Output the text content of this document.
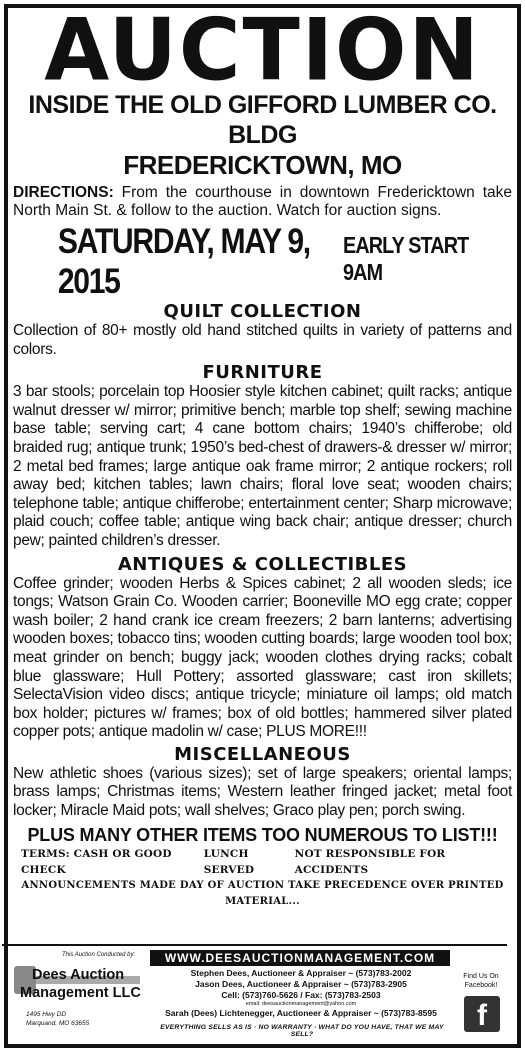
AUCTION
INSIDE THE OLD GIFFORD LUMBER CO. BLDG
FREDERICKTOWN, MO
DIRECTIONS: From the courthouse in downtown Fredericktown take North Main St. & follow to the auction. Watch for auction signs.
SATURDAY, MAY 9, 2015
EARLY START 9AM
QUILT COLLECTION
Collection of 80+ mostly old hand stitched quilts in variety of patterns and colors.
FURNITURE
3 bar stools; porcelain top Hoosier style kitchen cabinet; quilt racks; antique walnut dresser w/ mirror; primitive bench; marble top shelf; sewing machine base table; serving cart; 4 cane bottom chairs; 1940’s chifferobe; old braided rug; antique trunk; 1950’s bed-chest of drawers-& dresser w/ mirror; 2 metal bed frames; large antique oak frame mirror; 2 antique rockers; roll away bed; kitchen tables; lawn chairs; floral love seat; wooden chairs; telephone table; antique chifferobe; entertainment center; Sharp microwave; plaid couch; coffee table; antique wing back chair; antique dresser; church pew; painted children’s dresser.
ANTIQUES & COLLECTIBLES
Coffee grinder; wooden Herbs & Spices cabinet; 2 all wooden sleds; ice tongs; Watson Grain Co. Wooden carrier; Booneville MO egg crate; copper wash boiler; 2 hand crank ice cream freezers; 2 barn lanterns; advertising wooden boxes; tobacco tins; wooden cutting boards; large wooden tool box; meat grinder on bench; buggy jack; wooden clothes drying racks; cobalt blue glassware; Hull Pottery; assorted glassware; cast iron skillets; SelectaVision video discs; antique tricycle; miniature oil lamps; old match box holder; pictures w/ frames; box of old bottles; hammered silver plated copper pots; antique madolin w/ case; PLUS MORE!!!
MISCELLANEOUS
New athletic shoes (various sizes); set of large speakers; oriental lamps; brass lamps; Christmas items; Western leather fringed jacket; metal foot locker; Miracle Maid pots; wall shelves; Graco play pen; porch swing.
PLUS MANY OTHER ITEMS TOO NUMEROUS TO LIST!!!
TERMS: CASH OR GOOD CHECK
LUNCH SERVED
NOT RESPONSIBLE FOR ACCIDENTS
ANNOUNCEMENTS MADE DAY OF AUCTION TAKE PRECEDENCE OVER PRINTED MATERIAL...
This Auction Conducted by:
Dees Auction
Management LLC
1495 Hwy DD
Marquand, MO 63655
WWW.DEESAUCTIONMANAGEMENT.COM
Stephen Dees, Auctioneer & Appraiser ~ (573)783-2002
Jason Dees, Auctioneer & Appraiser ~ (573)783-2905
Cell: (573)760-5626 / Fax: (573)783-2503
email: deesauctionmanagement@yahoo.com
Sarah (Dees) Lichtenegger, Auctioneer & Appraiser ~ (573)783-8595
EVERYTHING SELLS AS IS · NO WARRANTY · WHAT DO YOU HAVE, THAT WE MAY SELL?
Find Us On
Facebook!
f
